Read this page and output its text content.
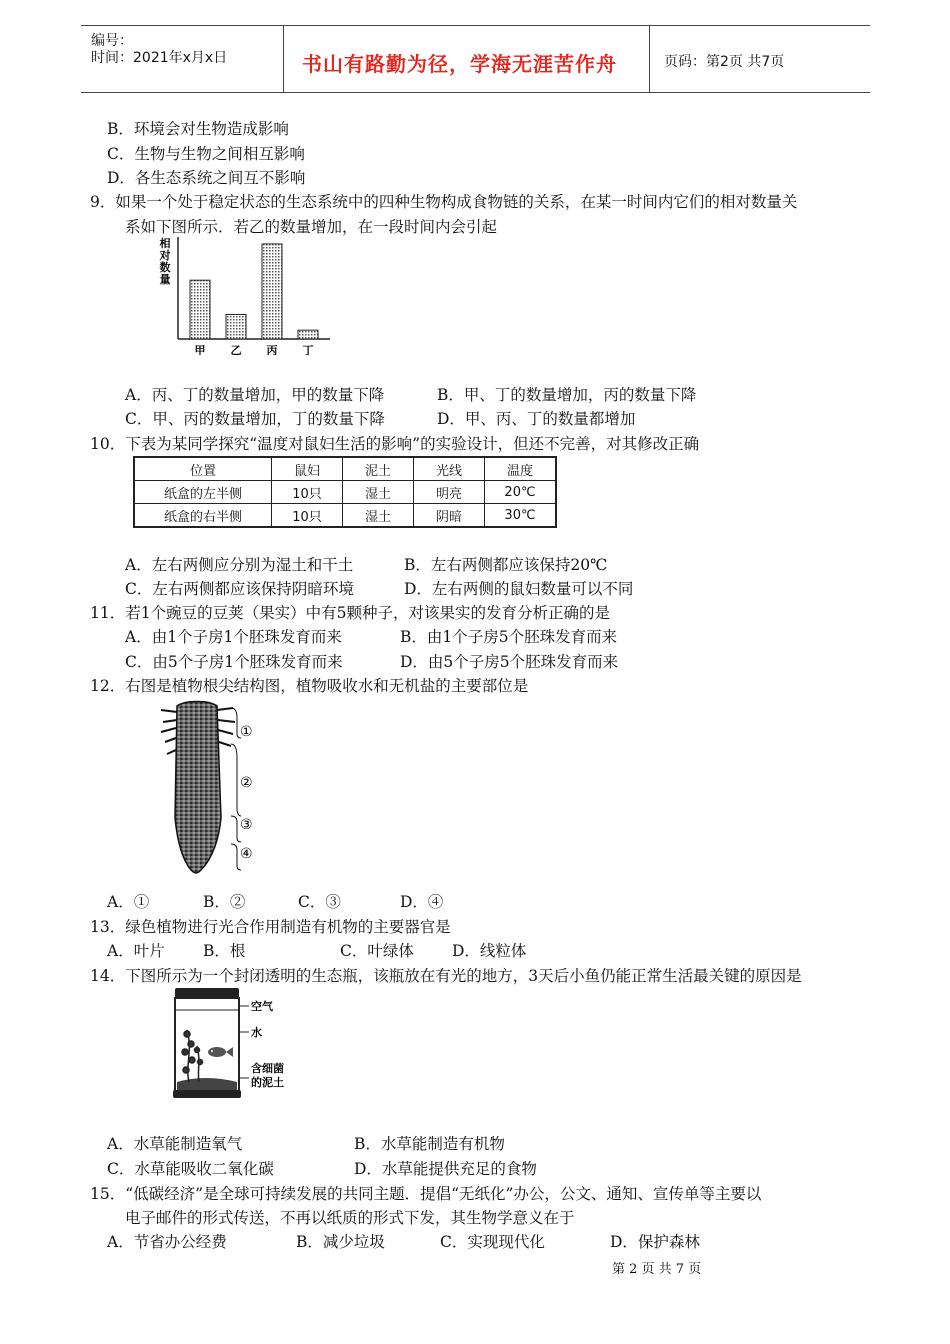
编号：
时间：2021年x月x日	书山有路勤为径，学海无涯苦作舟	页码：第2页 共7页
B．环境会对生物造成影响
C．生物与生物之间相互影响
D．各生态系统之间互不影响
9．如果一个处于稳定状态的生态系统中的四种生物构成食物链的关系，在某一时间内它们的相对数量关
系如下图所示．若乙的数量增加，在一段时间内会引起
相
对
数
量
甲 乙 丙 丁
A．丙、丁的数量增加，甲的数量下降	B．甲、丁的数量增加，丙的数量下降
C．甲、丙的数量增加，丁的数量下降	D．甲、丙、丁的数量都增加
10．下表为某同学探究“温度对鼠妇生活的影响”的实验设计，但还不完善，对其修改正确
位置	鼠妇	泥土	光线	温度
纸盒的左半侧	10只	湿土	明亮	20℃
纸盒的右半侧	10只	湿土	阴暗	30℃
A．左右两侧应分别为湿土和干土	B．左右两侧都应该保持20℃
C．左右两侧都应该保持阴暗环境	D．左右两侧的鼠妇数量可以不同
11．若1个豌豆的豆荚（果实）中有5颗种子，对该果实的发育分析正确的是
A．由1个子房1个胚珠发育而来	B．由1个子房5个胚珠发育而来
C．由5个子房1个胚珠发育而来	D．由5个子房5个胚珠发育而来
12．右图是植物根尖结构图，植物吸收水和无机盐的主要部位是
①
②
③
④
A．①	B．②	C．③	D．④
13．绿色植物进行光合作用制造有机物的主要器官是
A．叶片 B．根	C．叶绿体 D．线粒体
14．下图所示为一个封闭透明的生态瓶，该瓶放在有光的地方，3天后小鱼仍能正常生活最关键的原因是
空气
水
含细菌
的泥土
A．水草能制造氧气	B．水草能制造有机物
C．水草能吸收二氧化碳	D．水草能提供充足的食物
15．“低碳经济”是全球可持续发展的共同主题．提倡“无纸化”办公，公文、通知、宣传单等主要以
电子邮件的形式传送，不再以纸质的形式下发，其生物学意义在于
A．节省办公经费	B．减少垃圾	C．实现现代化	D．保护森林
第 2 页 共 7 页
